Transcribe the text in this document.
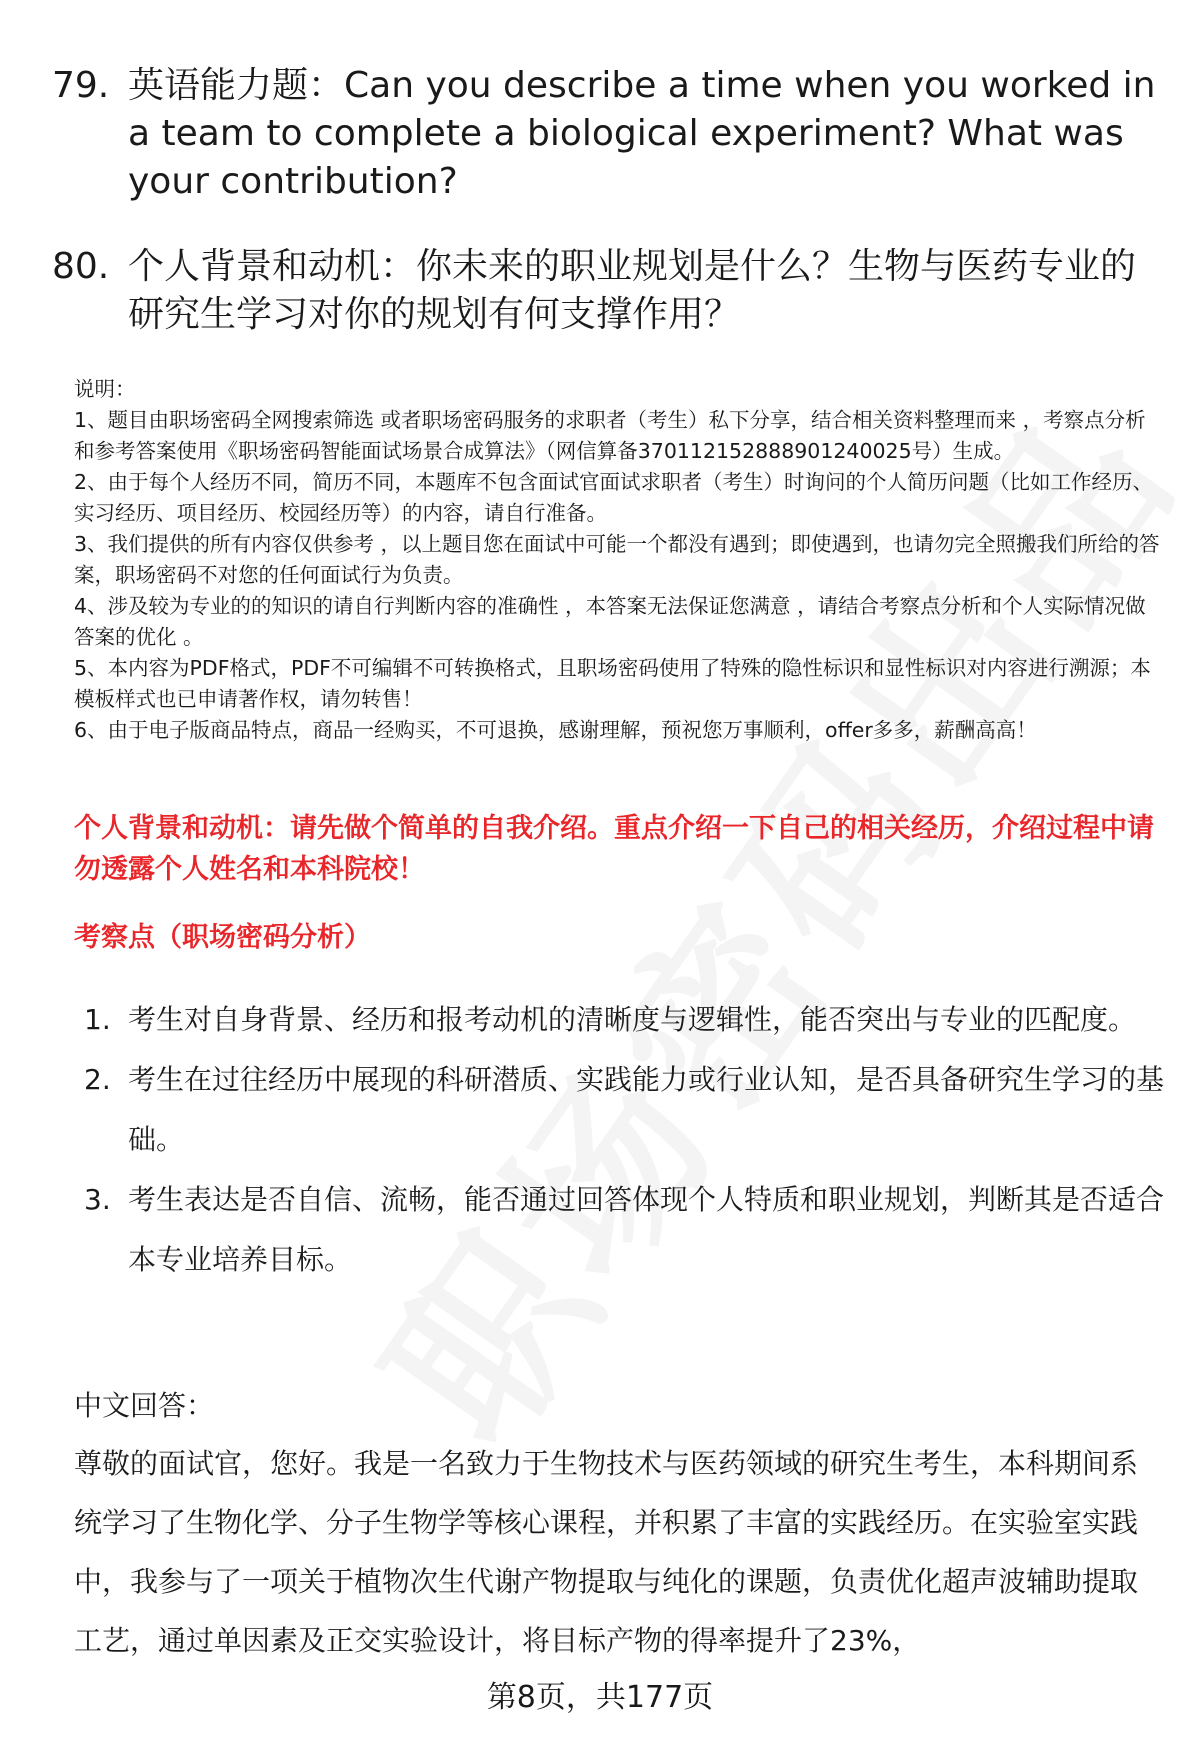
79. 英语能力题：Can you describe a time when you worked in a team to complete a biological experiment? What was your contribution?
80. 个人背景和动机：你未来的职业规划是什么？生物与医药专业的研究生学习对你的规划有何支撑作用？

说明：

1、题目由职场密码全网搜索筛选 或者职场密码服务的求职者（考生）私下分享，结合相关资料整理而来 ，考察点分析和参考答案使用《职场密码智能面试场景合成算法》（网信算备370112152888901240025号）生成。

2、由于每个人经历不同，简历不同，本题库不包含面试官面试求职者（考生）时询问的个人简历问题（比如工作经历、实习经历、项目经历、校园经历等）的内容，请自行准备。

3、我们提供的所有内容仅供参考 ，以上题目您在面试中可能一个都没有遇到；即使遇到，也请勿完全照搬我们所给的答案，职场密码不对您的任何面试行为负责。

4、涉及较为专业的的知识的请自行判断内容的准确性 ，本答案无法保证您满意 ，请结合考察点分析和个人实际情况做答案的优化 。

5、本内容为PDF格式，PDF不可编辑不可转换格式，且职场密码使用了特殊的隐性标识和显性标识对内容进行溯源；本模板样式也已申请著作权，请勿转售！

6、由于电子版商品特点，商品一经购买，不可退换，感谢理解，预祝您万事顺利，offer多多，薪酬高高！

个人背景和动机：请先做个简单的自我介绍。重点介绍一下自己的相关经历，介绍过程中请勿透露个人姓名和本科院校！
考察点（职场密码分析）
1. 考生对自身背景、经历和报考动机的清晰度与逻辑性，能否突出与专业的匹配度。
2. 考生在过往经历中展现的科研潜质、实践能力或行业认知，是否具备研究生学习的基础。
3. 考生表达是否自信、流畅，能否通过回答体现个人特质和职业规划，判断其是否适合本专业培养目标。
中文回答：
尊敬的面试官，您好。我是一名致力于生物技术与医药领域的研究生考生，本科期间系统学习了生物化学、分子生物学等核心课程，并积累了丰富的实践经历。在实验室实践中，我参与了一项关于植物次生代谢产物提取与纯化的课题，负责优化超声波辅助提取工艺，通过单因素及正交实验设计，将目标产物的得率提升了23%，
第8页，共177页
